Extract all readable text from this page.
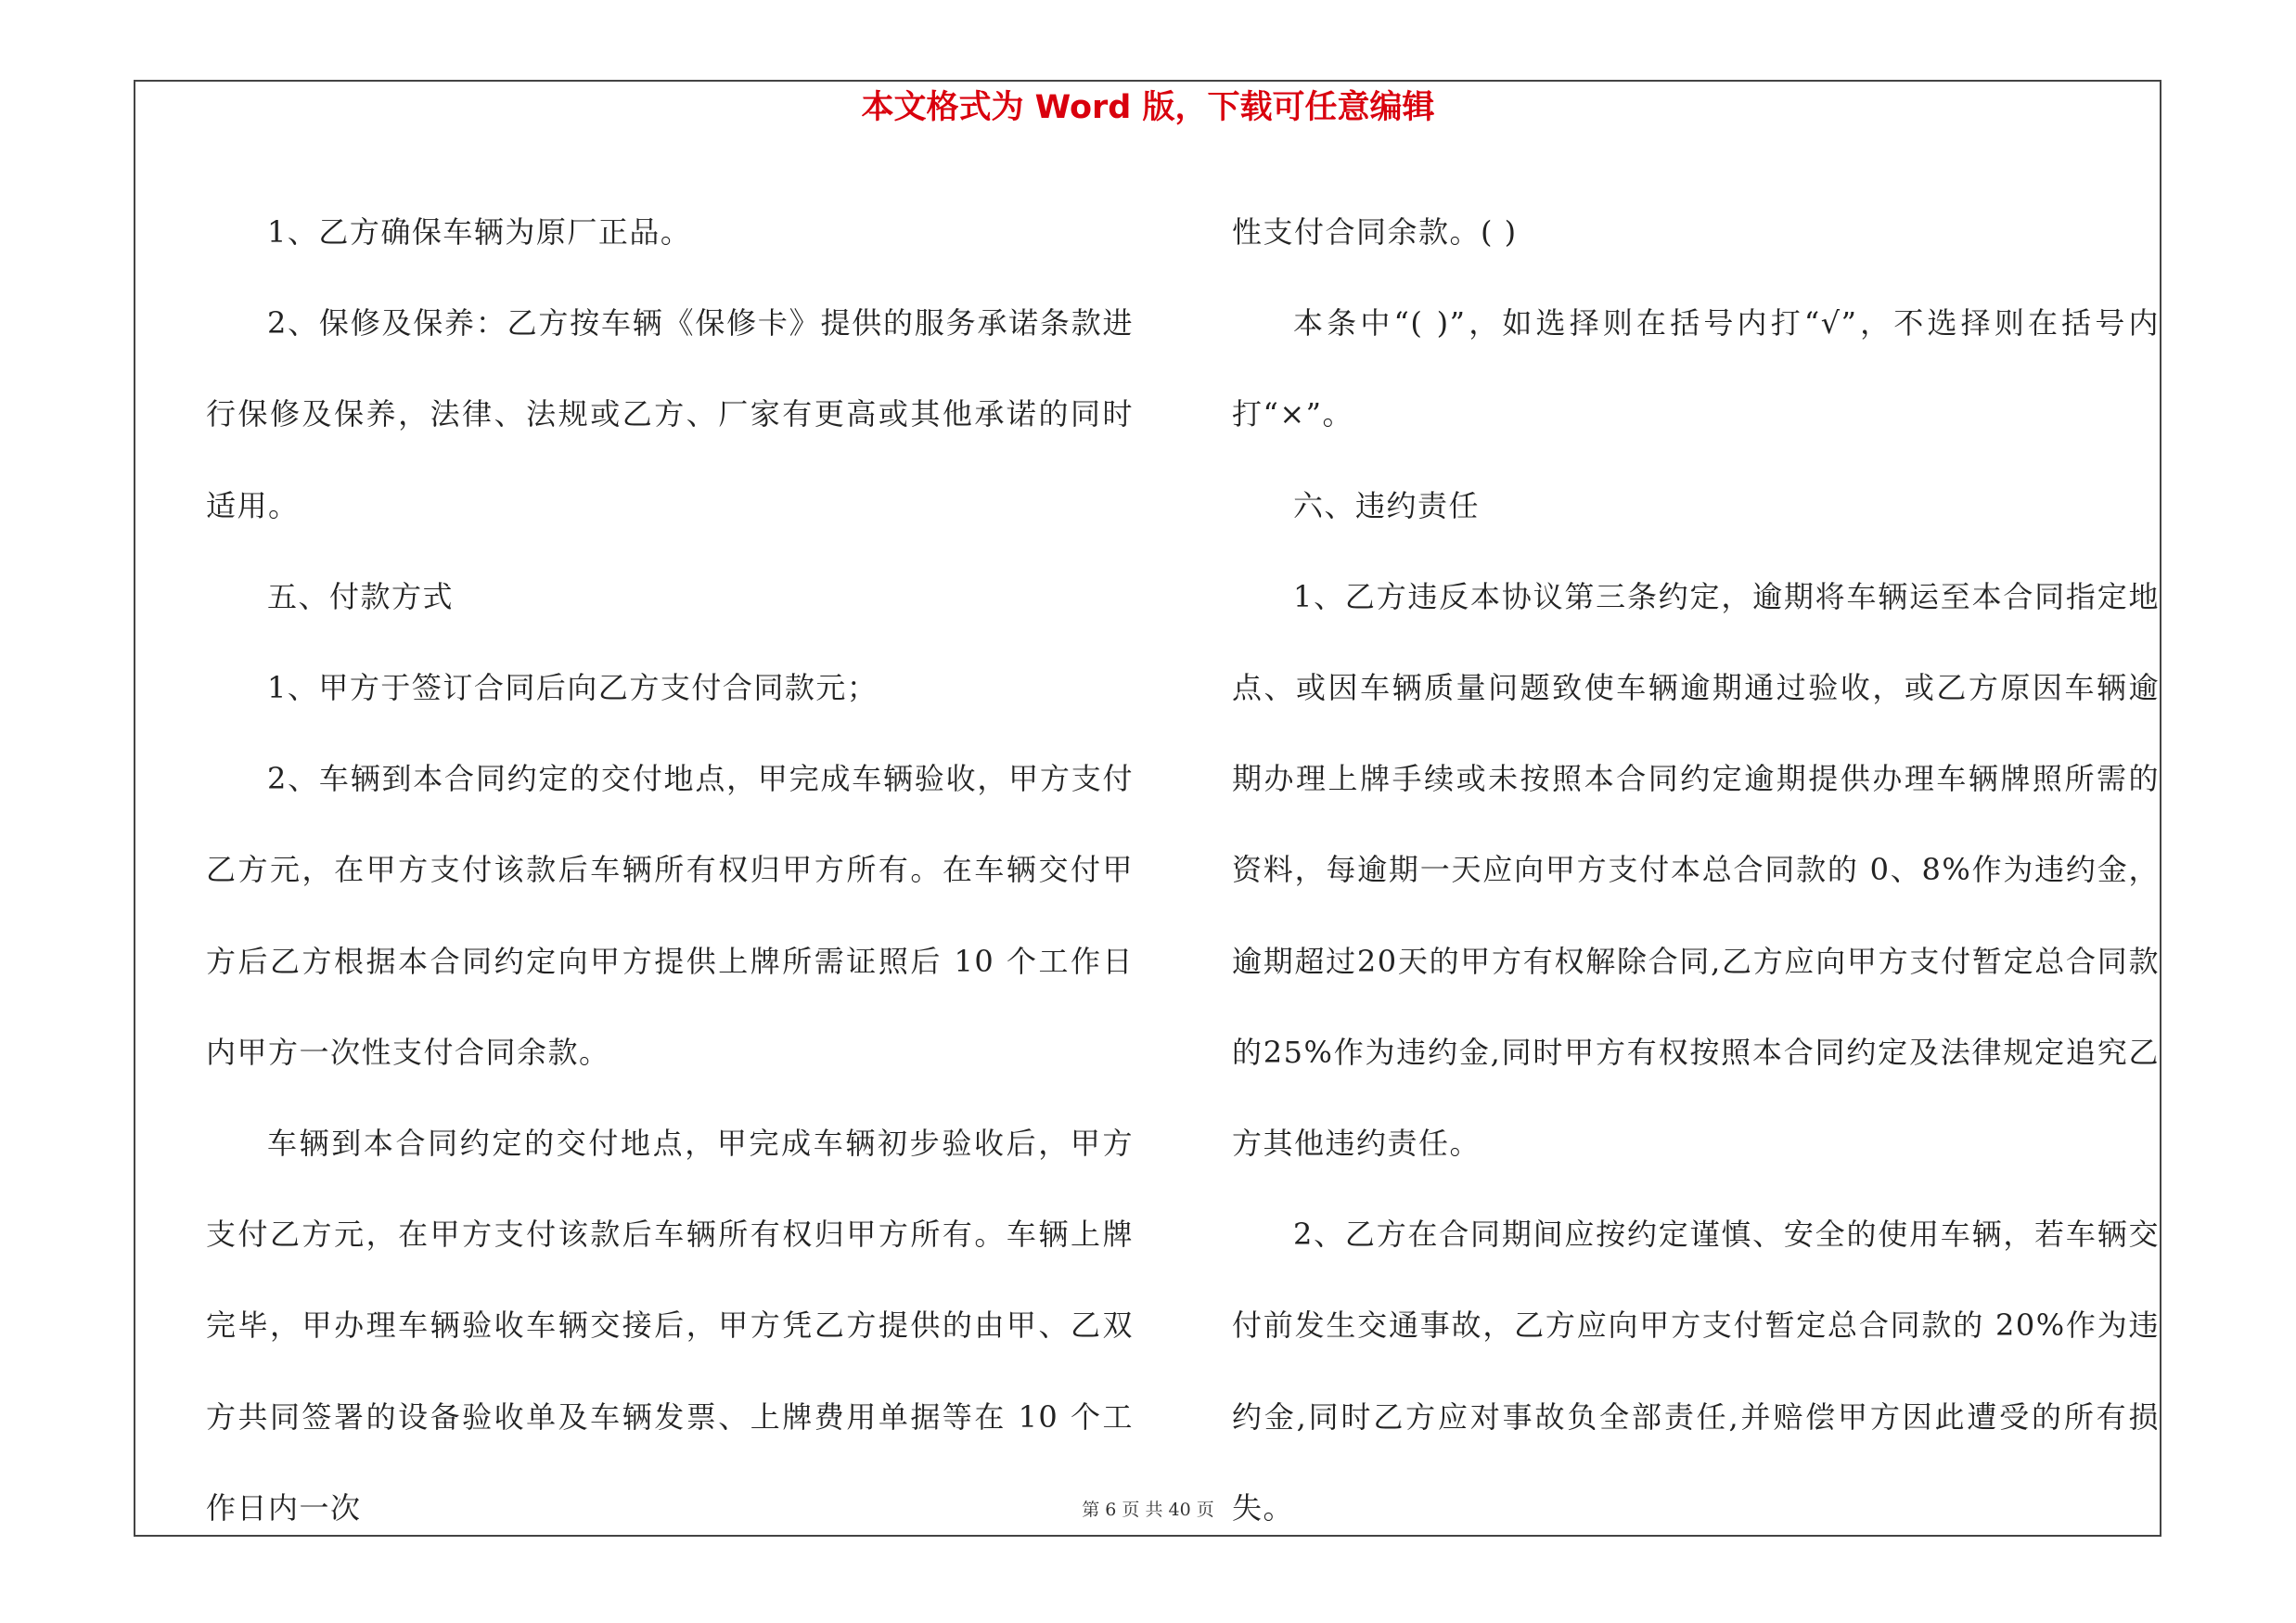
本文格式为 Word 版，下载可任意编辑

1、乙方确保车辆为原厂正品。

2、保修及保养：乙方按车辆《保修卡》提供的服务承诺条款进行保修及保养，法律、法规或乙方、厂家有更高或其他承诺的同时适用。

五、付款方式

1、甲方于签订合同后向乙方支付合同款元；

2、车辆到本合同约定的交付地点，甲完成车辆验收，甲方支付乙方元，在甲方支付该款后车辆所有权归甲方所有。在车辆交付甲方后乙方根据本合同约定向甲方提供上牌所需证照后 10 个工作日内甲方一次性支付合同余款。

车辆到本合同约定的交付地点，甲完成车辆初步验收后，甲方支付乙方元，在甲方支付该款后车辆所有权归甲方所有。车辆上牌完毕，甲办理车辆验收车辆交接后，甲方凭乙方提供的由甲、乙双方共同签署的设备验收单及车辆发票、上牌费用单据等在 10 个工作日内一次

性支付合同余款。( )

本条中“( )”，如选择则在括号内打“√”，不选择则在括号内打“×”。

六、违约责任

1、乙方违反本协议第三条约定，逾期将车辆运至本合同指定地点、或因车辆质量问题致使车辆逾期通过验收，或乙方原因车辆逾期办理上牌手续或未按照本合同约定逾期提供办理车辆牌照所需的资料，每逾期一天应向甲方支付本总合同款的 0、8%作为违约金，逾期超过20天的甲方有权解除合同,乙方应向甲方支付暂定总合同款的25%作为违约金,同时甲方有权按照本合同约定及法律规定追究乙方其他违约责任。

2、乙方在合同期间应按约定谨慎、安全的使用车辆，若车辆交付前发生交通事故，乙方应向甲方支付暂定总合同款的 20%作为违约金,同时乙方应对事故负全部责任,并赔偿甲方因此遭受的所有损失。

第 6 页 共 40 页
